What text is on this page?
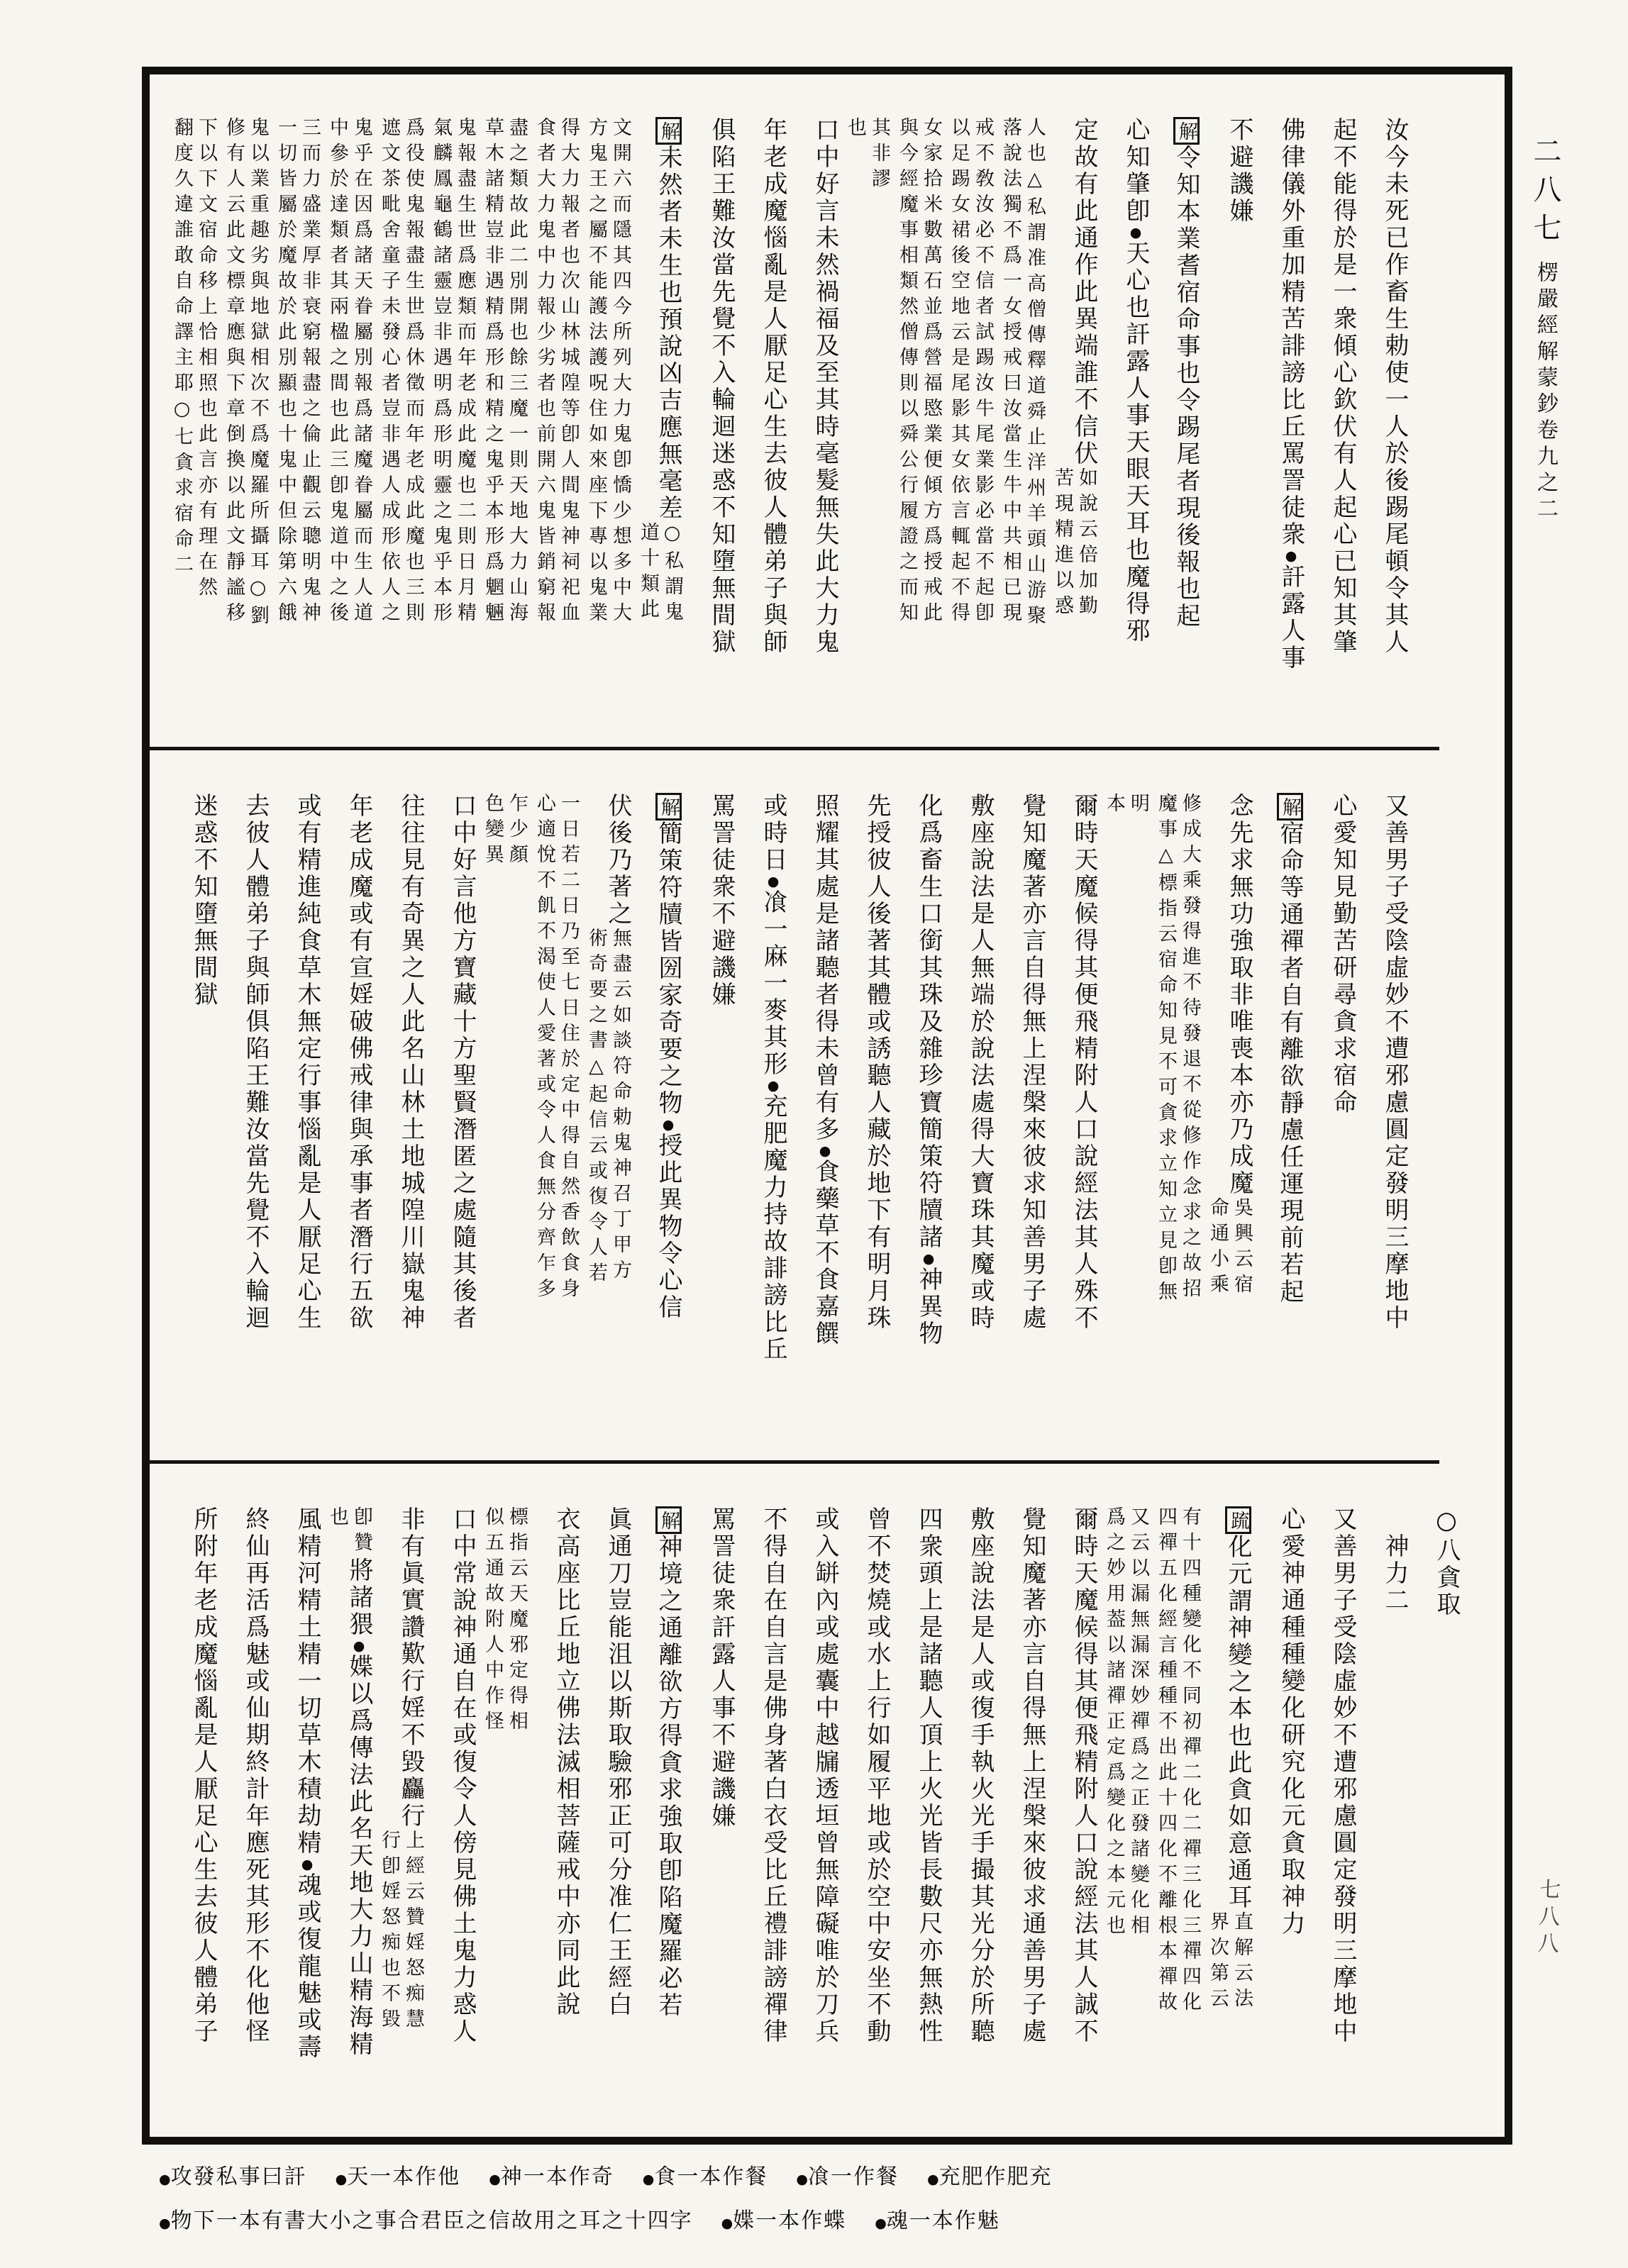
汝今未死已作畜生勅使一人於後踢尾頓令其人
起不能得於是一衆傾心欽伏有人起心已知其肇
佛律儀外重加精苦誹謗比丘罵詈徒衆●訐露人事
不避譏嫌
解令知本業耆宿命事也令踢尾者現後報也起
心知肇卽●天心也訐露人事天眼天耳也魔得邪
定故有此通作此異端誰不信伏
如說云倍加勤
苦現精進以惑
人也△私謂准高僧傳釋道舜止洋州羊頭山游聚
落說法獨不爲一女授戒曰汝當生牛中共相已現
戒不敎汝必不信者試踢汝牛尾業影必當不起卽
以足踢女裙後空地云是尾影其女依言輒起不得
女家拾米數萬石並爲營福愍業便傾方爲授戒此
與今經魔事相類然僧傳則以舜公行履證之而知
其非謬
也
口中好言未然禍福及至其時毫髮無失此大力鬼
年老成魔惱亂是人厭足心生去彼人體弟子與師
俱陷王難汝當先覺不入輪迴迷惑不知墮無間獄
解未然者未生也預說凶吉應無毫差
○私謂鬼
道十類此
文開六而隱其四今所列大力鬼卽憍少想多中大
方鬼王之屬不能護法護呪住如來座下專以鬼業
得大力報者也次山林城隍等卽人間鬼神祠祀血
食者大力鬼中力報少劣者也前開六鬼皆銷窮報
盡之類故此二別開也餘三魔一則天地大力山海
草木諸精豈非遇精爲形和精之鬼乎本形爲魍魎
鬼報盡生世爲應類而年老成此魔也二則日月精
氣麟鳳龜鶴諸靈豈非遇明爲形明靈之鬼乎本形
爲役使鬼報盡生世爲休徵而年老成此魔也三則
遮文茶毗舍童子未發心者豈非遇人成形依人之
鬼乎在因爲諸天眷屬別報爲諸魔眷屬而生人道
中參於達類者其兩楹之間也此三卽鬼道中之後
三而力盛業厚非衰窮報盡之倫止觀云聰明鬼神
一切皆屬於魔故於此別顯也十鬼中但除第六餓
鬼以業重趣劣與地獄相次不爲魔羅所攝耳○劉
修有人云此文標章應與下章倒換以此文靜謐移
下以下文宿命移上恰相照也此言亦有理在然
翻度久違誰敢自命譯主耶○七貪求宿命二
又善男子受陰虛妙不遭邪慮圓定發明三摩地中
心愛知見勤苦研尋貪求宿命
解宿命等通禪者自有離欲靜慮任運現前若起
念先求無功強取非唯喪本亦乃成魔
吳興云宿
命通小乘
修成大乘發得進不待發退不從修作念求之故招
魔事△標指云宿命知見不可貪求立知立見卽無
明
本
爾時天魔候得其便飛精附人口說經法其人殊不
覺知魔著亦言自得無上涅槃來彼求知善男子處
敷座說法是人無端於說法處得大寶珠其魔或時
化爲畜生口銜其珠及雜珍寶簡策符牘諸●神異物
先授彼人後著其體或誘聽人藏於地下有明月珠
照耀其處是諸聽者得未曾有多●食藥草不食嘉饌
或時日●飡一麻一麥其形●充肥魔力持故誹謗比丘
罵詈徒衆不避譏嫌
解簡策符牘皆圀家奇要之物●授此異物令心信
伏後乃著之
無盡云如談符命勅鬼神召丁甲方
術奇要之書△起信云或復令人若
一日若二日乃至七日住於定中得自然香飲食身
心適悅不飢不渴使人愛著或令人食無分齊乍多
乍少顏
色變異
口中好言他方寶藏十方聖賢潛匿之處隨其後者
往往見有奇異之人此名山林土地城隍川嶽鬼神
年老成魔或有宣婬破佛戒律與承事者潛行五欲
或有精進純食草木無定行事惱亂是人厭足心生
去彼人體弟子與師俱陷王難汝當先覺不入輪迴
迷惑不知墮無間獄
○八貪取
神力二
又善男子受陰虛妙不遭邪慮圓定發明三摩地中
心愛神通種種變化研究化元貪取神力
䟽化元謂神變之本也此貪如意通耳
直解云法
界次第云
有十四種變化不同初禪二化二禪三化三禪四化
四禪五化經言種種不出此十四化不離根本禪故
又云以漏無漏深妙禪爲之正發諸變化相
爲之妙用葢以諸禪正定爲變化之本元也
爾時天魔候得其便飛精附人口說經法其人誠不
覺知魔著亦言自得無上涅槃來彼求通善男子處
敷座說法是人或復手執火光手撮其光分於所聽
四衆頭上是諸聽人頂上火光皆長數尺亦無熱性
曾不焚燒或水上行如履平地或於空中安坐不動
或入缾內或處囊中越牖透垣曾無障礙唯於刀兵
不得自在自言是佛身著白衣受比丘禮誹謗禪律
罵詈徒衆訐露人事不避譏嫌
解神境之通離欲方得貪求強取卽陷魔羅必若
眞通刀豈能沮以斯取驗邪正可分准仁王經白
衣高座比丘地立佛法滅相菩薩戒中亦同此說
標指云天魔邪定得相
似五通故附人中作怪
口中常說神通自在或復令人傍見佛土鬼力惑人
非有眞實讚歎行婬不毀麤行
上經云贊婬怒痴慧
行卽婬怒痴也不毀
卽贊
也
將諸猥●媟以爲傳法此名天地大力山精海精
風精河精土精一切草木積劫精●魂或復龍魅或壽
終仙再活爲魅或仙期終計年應死其形不化他怪
所附年老成魔惱亂是人厭足心生去彼人體弟子
二八七
楞嚴經解蒙鈔卷九之二
七八八
●攻發私事曰訐 ●天一本作他 ●神一本作奇 ●食一本作餐 ●飡一作餐 ●充肥作肥充
●物下一本有書大小之事合君臣之信故用之耳之十四字 ●媟一本作蝶 ●魂一本作魅
